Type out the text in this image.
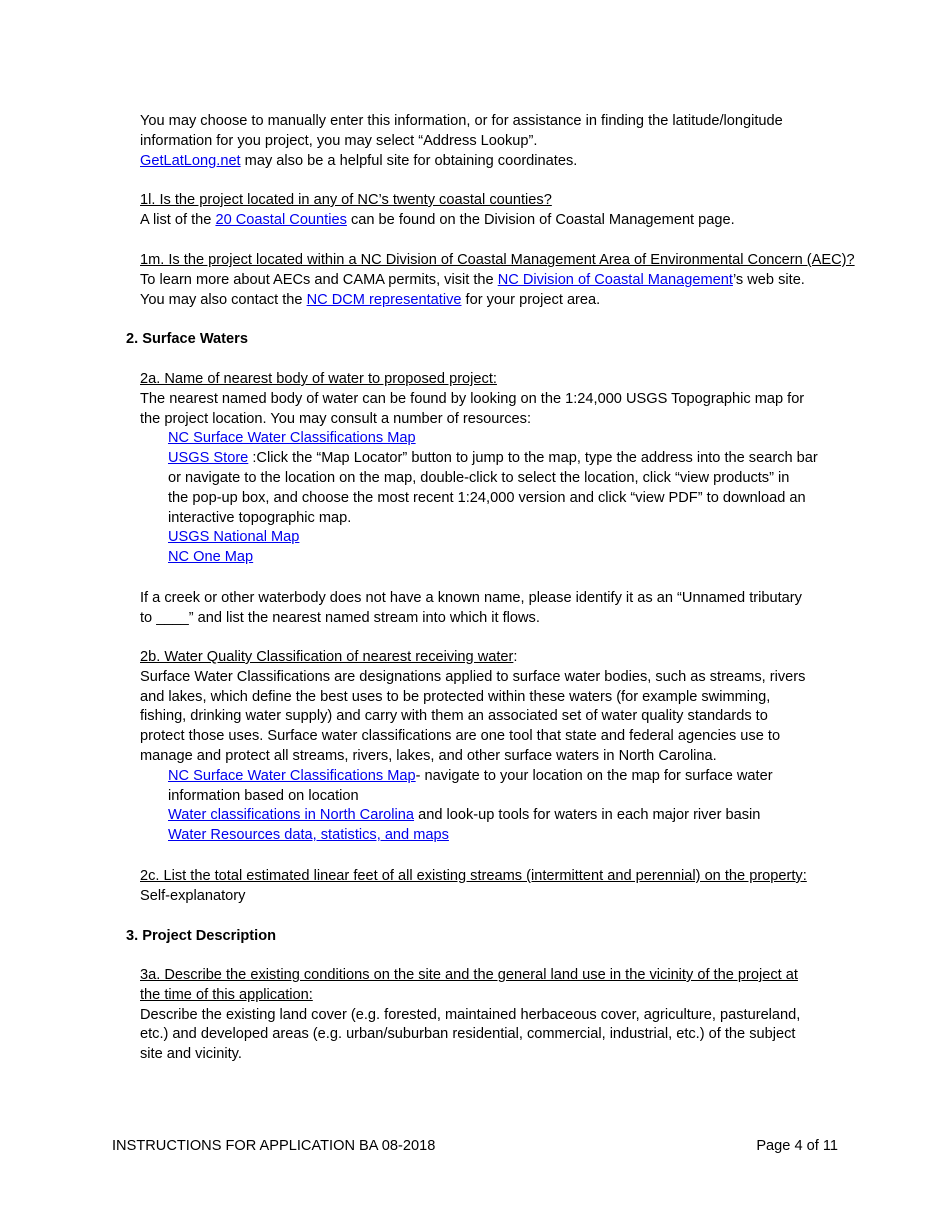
You may choose to manually enter this information, or for assistance in finding the latitude/longitude
information for you project, you may select “Address Lookup”.
GetLatLong.net may also be a helpful site for obtaining coordinates.
1l. Is the project located in any of NC’s twenty coastal counties?
A list of the 20 Coastal Counties can be found on the Division of Coastal Management page.
1m. Is the project located within a NC Division of Coastal Management Area of Environmental Concern (AEC)?
To learn more about AECs and CAMA permits, visit the NC Division of Coastal Management’s web site.
You may also contact the NC DCM representative for your project area.
2. Surface Waters
2a. Name of nearest body of water to proposed project:
The nearest named body of water can be found by looking on the 1:24,000 USGS Topographic map for
the project location. You may consult a number of resources:
NC Surface Water Classifications Map
USGS Store :Click the “Map Locator” button to jump to the map, type the address into the search bar
or navigate to the location on the map, double-click to select the location, click “view products” in
the pop-up box, and choose the most recent 1:24,000 version and click “view PDF” to download an
interactive topographic map.
USGS National Map
NC One Map
If a creek or other waterbody does not have a known name, please identify it as an “Unnamed tributary
to ____” and list the nearest named stream into which it flows.
2b. Water Quality Classification of nearest receiving water:
Surface Water Classifications are designations applied to surface water bodies, such as streams, rivers
and lakes, which define the best uses to be protected within these waters (for example swimming,
fishing, drinking water supply) and carry with them an associated set of water quality standards to
protect those uses. Surface water classifications are one tool that state and federal agencies use to
manage and protect all streams, rivers, lakes, and other surface waters in North Carolina.
NC Surface Water Classifications Map- navigate to your location on the map for surface water
information based on location
Water classifications in North Carolina and look-up tools for waters in each major river basin
Water Resources data, statistics, and maps
2c. List the total estimated linear feet of all existing streams (intermittent and perennial) on the property:
Self-explanatory
3. Project Description
3a. Describe the existing conditions on the site and the general land use in the vicinity of the project at
the time of this application:
Describe the existing land cover (e.g. forested, maintained herbaceous cover, agriculture, pastureland,
etc.) and developed areas (e.g. urban/suburban residential, commercial, industrial, etc.) of the subject
site and vicinity.
INSTRUCTIONS FOR APPLICATION BA 08-2018	Page 4 of 11
